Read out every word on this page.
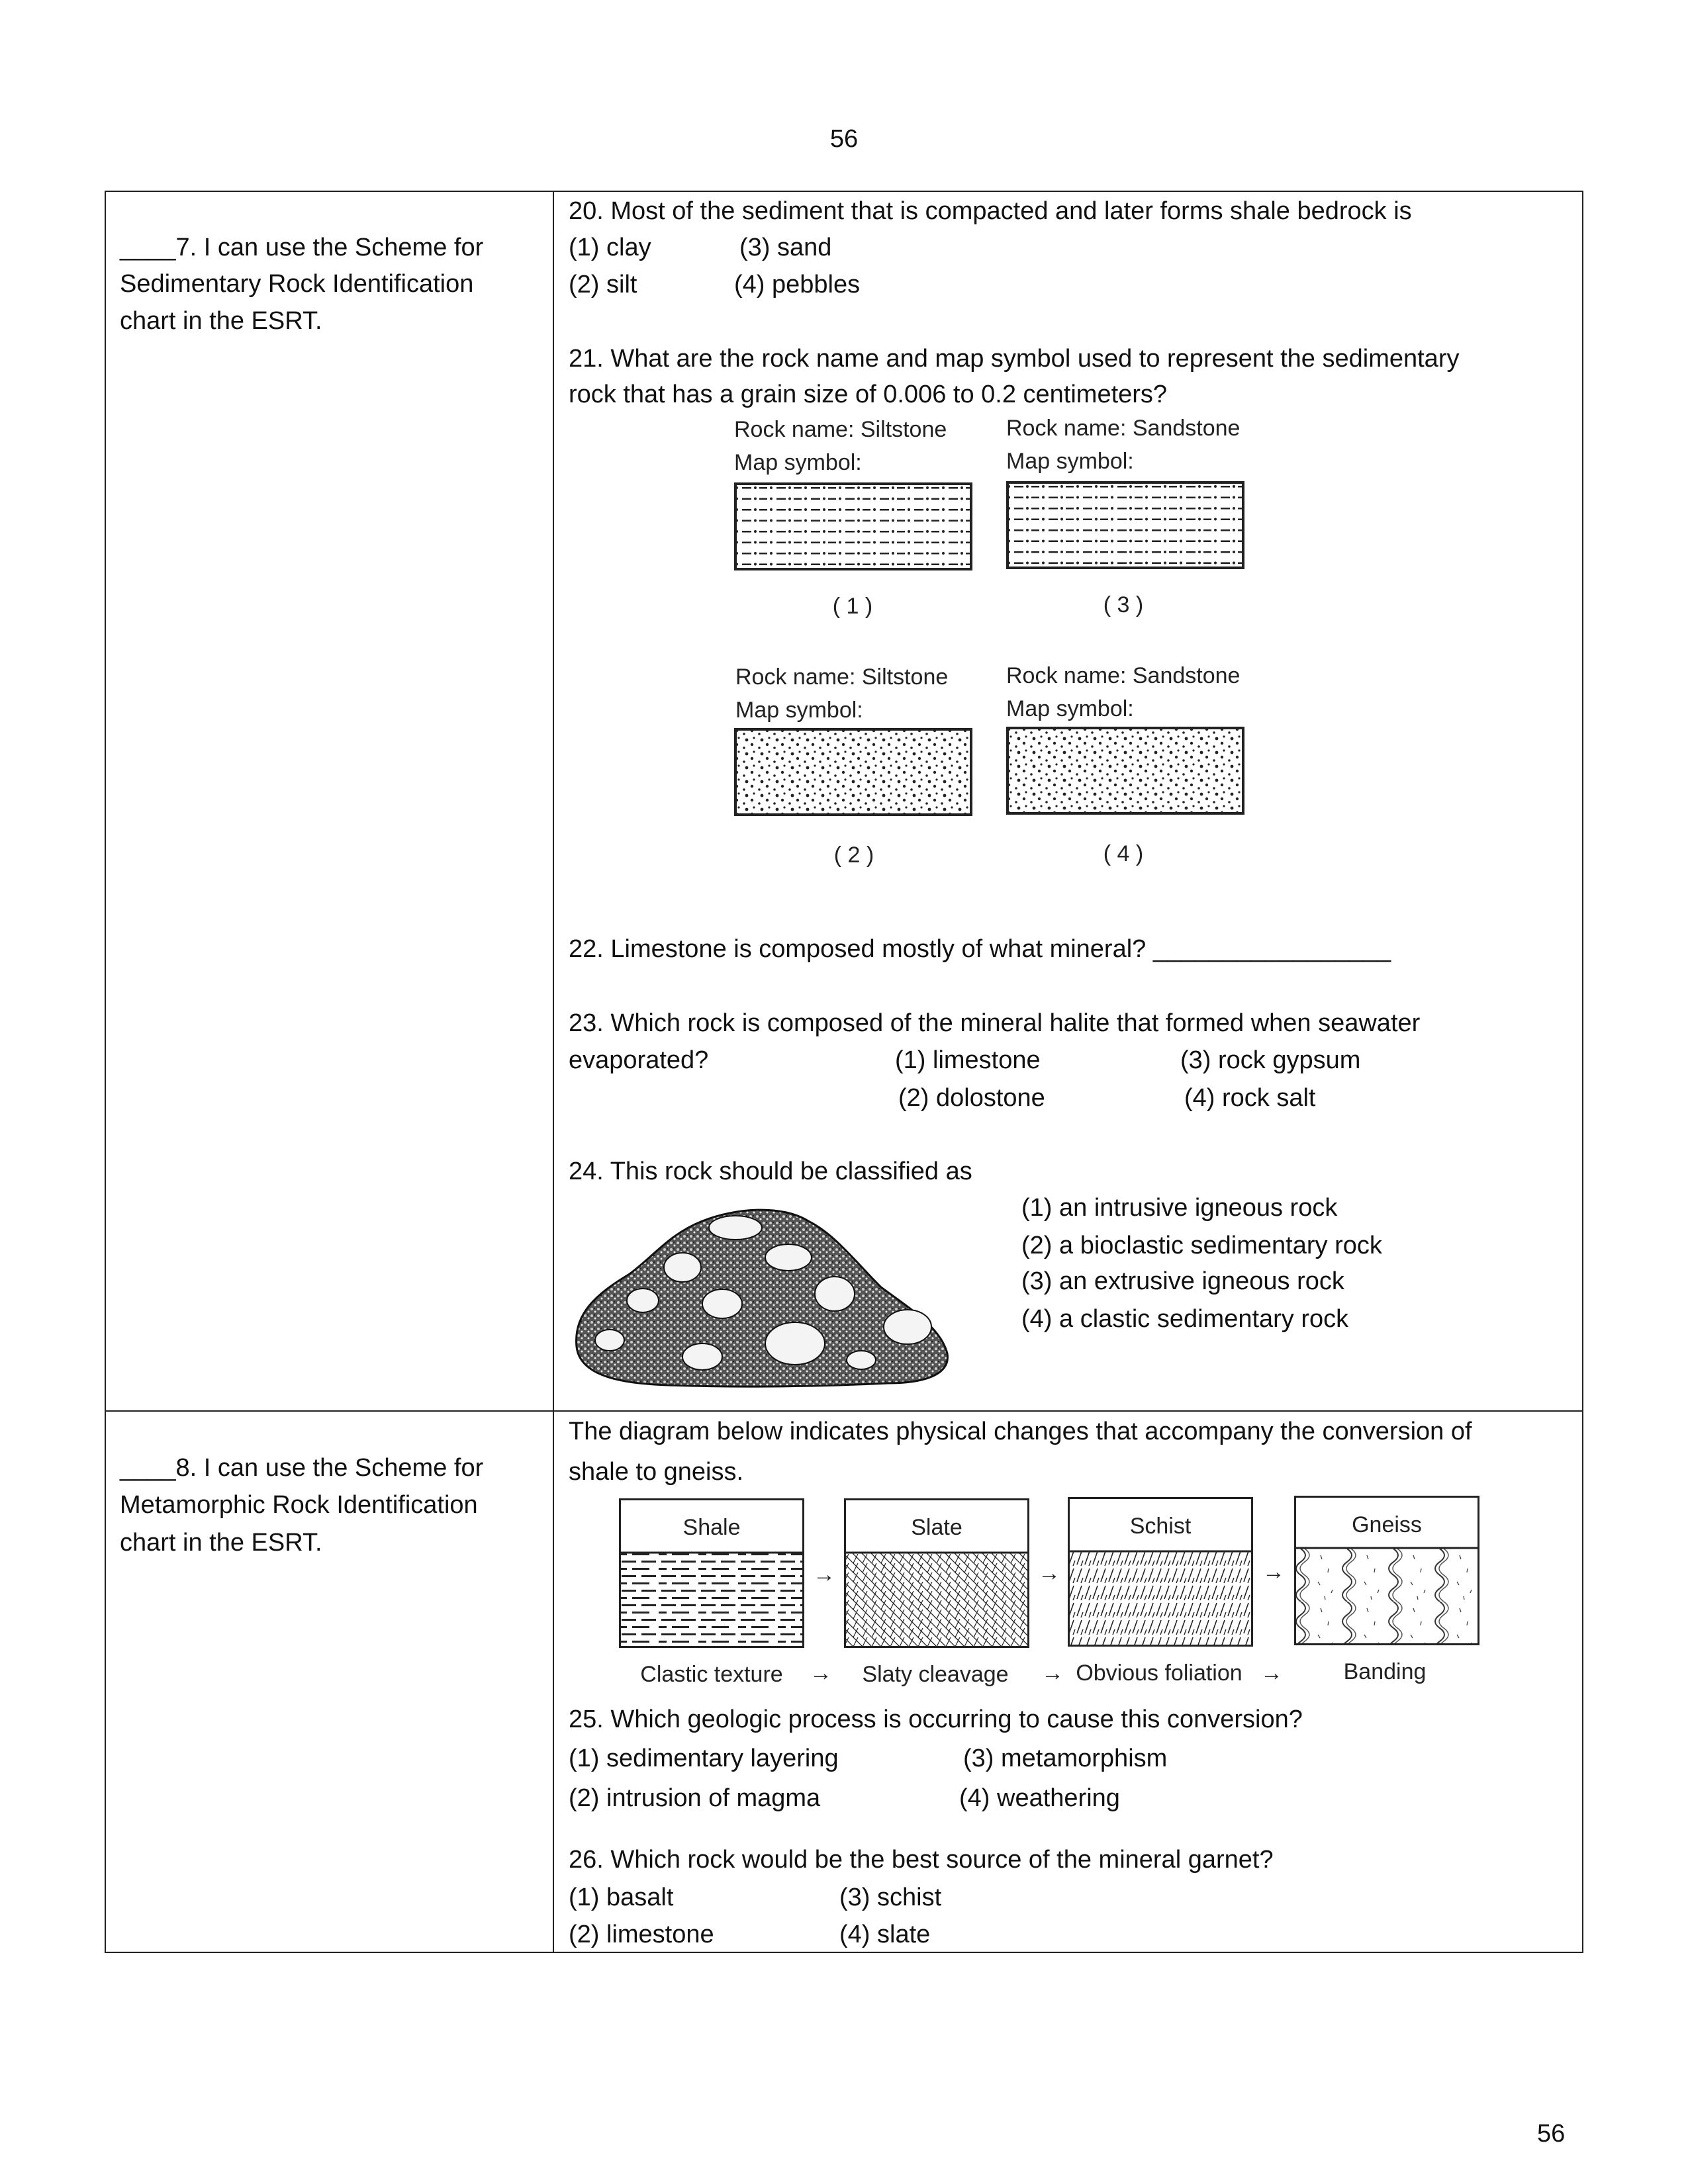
56
____7. I can use the Scheme for
Sedimentary Rock Identification
chart in the ESRT.
20. Most of the sediment that is compacted and later forms shale bedrock is
(1) clay	(3) sand
(2) silt	(4) pebbles
21. What are the rock name and map symbol used to represent the sedimentary
rock that has a grain size of 0.006 to 0.2 centimeters?
Rock name: Siltstone
Map symbol:
Rock name: Sandstone
Map symbol:
( 1 )	( 3 )
Rock name: Siltstone
Map symbol:
Rock name: Sandstone
Map symbol:
( 2 )	( 4 )
22. Limestone is composed mostly of what mineral? _________________
23. Which rock is composed of the mineral halite that formed when seawater
evaporated?	(1) limestone	(3) rock gypsum
(2) dolostone	(4) rock salt
24. This rock should be classified as
(1) an intrusive igneous rock
(2) a bioclastic sedimentary rock
(3) an extrusive igneous rock
(4) a clastic sedimentary rock
____8. I can use the Scheme for
Metamorphic Rock Identification
chart in the ESRT.
The diagram below indicates physical changes that accompany the conversion of
shale to gneiss.
Shale	Slate	Schist	Gneiss
→	→	→
Clastic texture → Slaty cleavage → Obvious foliation →	Banding
25. Which geologic process is occurring to cause this conversion?
(1) sedimentary layering	(3) metamorphism
(2) intrusion of magma	(4) weathering
26. Which rock would be the best source of the mineral garnet?
(1) basalt	(3) schist
(2) limestone	(4) slate
56
